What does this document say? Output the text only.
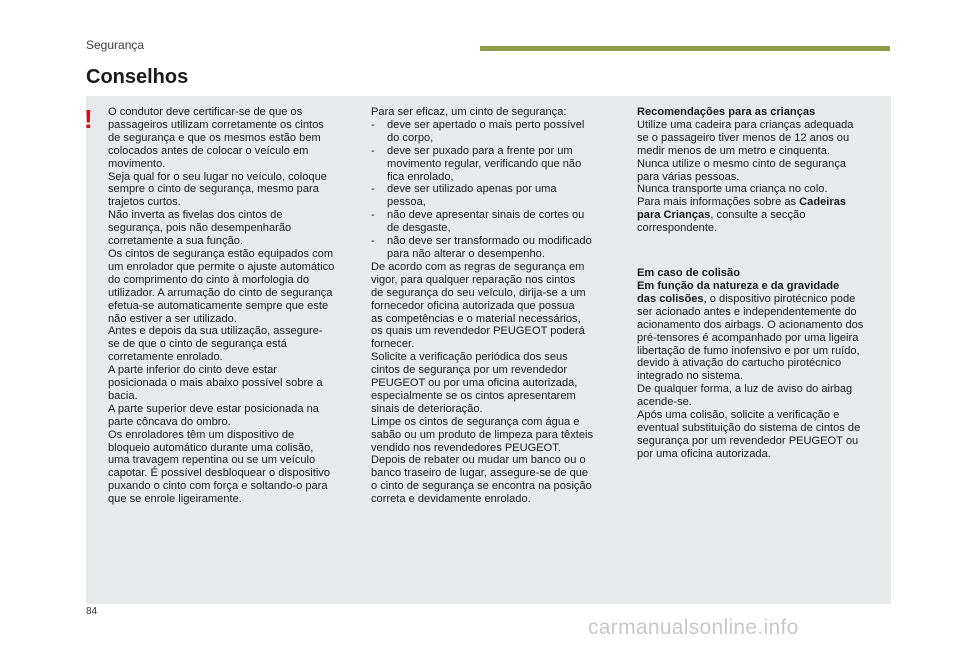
Segurança
Conselhos
! O condutor deve certificar-se de que os
passageiros utilizam corretamente os cintos
de segurança e que os mesmos estão bem
colocados antes de colocar o veículo em
movimento.
Seja qual for o seu lugar no veículo, coloque
sempre o cinto de segurança, mesmo para
trajetos curtos.
Não inverta as fivelas dos cintos de
segurança, pois não desempenharão
corretamente a sua função.
Os cintos de segurança estão equipados com
um enrolador que permite o ajuste automático
do comprimento do cinto à morfologia do
utilizador. A arrumação do cinto de segurança
efetua-se automaticamente sempre que este
não estiver a ser utilizado.
Antes e depois da sua utilização, assegure-
se de que o cinto de segurança está
corretamente enrolado.
A parte inferior do cinto deve estar
posicionada o mais abaixo possível sobre a
bacia.
A parte superior deve estar posicionada na
parte côncava do ombro.
Os enroladores têm um dispositivo de
bloqueio automático durante uma colisão,
uma travagem repentina ou se um veículo
capotar. É possível desbloquear o dispositivo
puxando o cinto com força e soltando-o para
que se enrole ligeiramente.

Para ser eficaz, um cinto de segurança:

-	deve ser apertado o mais perto possível
do corpo,

-	deve ser puxado para a frente por um
movimento regular, verificando que não
fica enrolado,

-	deve ser utilizado apenas por uma
pessoa,

-	não deve apresentar sinais de cortes ou
de desgaste,

-	não deve ser transformado ou modificado
para não alterar o desempenho.

De acordo com as regras de segurança em
vigor, para qualquer reparação nos cintos
de segurança do seu veículo, dirija-se a um
fornecedor oficina autorizada que possua
as competências e o material necessários,
os quais um revendedor PEUGEOT poderá
fornecer.
Solicite a verificação periódica dos seus
cintos de segurança por um revendedor
PEUGEOT ou por uma oficina autorizada,
especialmente se os cintos apresentarem
sinais de deterioração.
Limpe os cintos de segurança com água e
sabão ou um produto de limpeza para têxteis
vendido nos revendedores PEUGEOT.
Depois de rebater ou mudar um banco ou o
banco traseiro de lugar, assegure-se de que
o cinto de segurança se encontra na posição
correta e devidamente enrolado.

Recomendações para as crianças

Utilize uma cadeira para crianças adequada
se o passageiro tiver menos de 12 anos ou
medir menos de um metro e cinquenta.
Nunca utilize o mesmo cinto de segurança
para várias pessoas.
Nunca transporte uma criança no colo.
Para mais informações sobre as Cadeiras
para Crianças, consulte a secção
correspondente.

Em caso de colisão

Em função da natureza e da gravidade
das colisões, o dispositivo pirotécnico pode
ser acionado antes e independentemente do
acionamento dos airbags. O acionamento dos
pré-tensores é acompanhado por uma ligeira
libertação de fumo inofensivo e por um ruído,
devido à ativação do cartucho pirotécnico
integrado no sistema.
De qualquer forma, a luz de aviso do airbag
acende-se.
Após uma colisão, solicite a verificação e
eventual substituição do sistema de cintos de
segurança por um revendedor PEUGEOT ou
por uma oficina autorizada.

84
carmanualsonline.info
